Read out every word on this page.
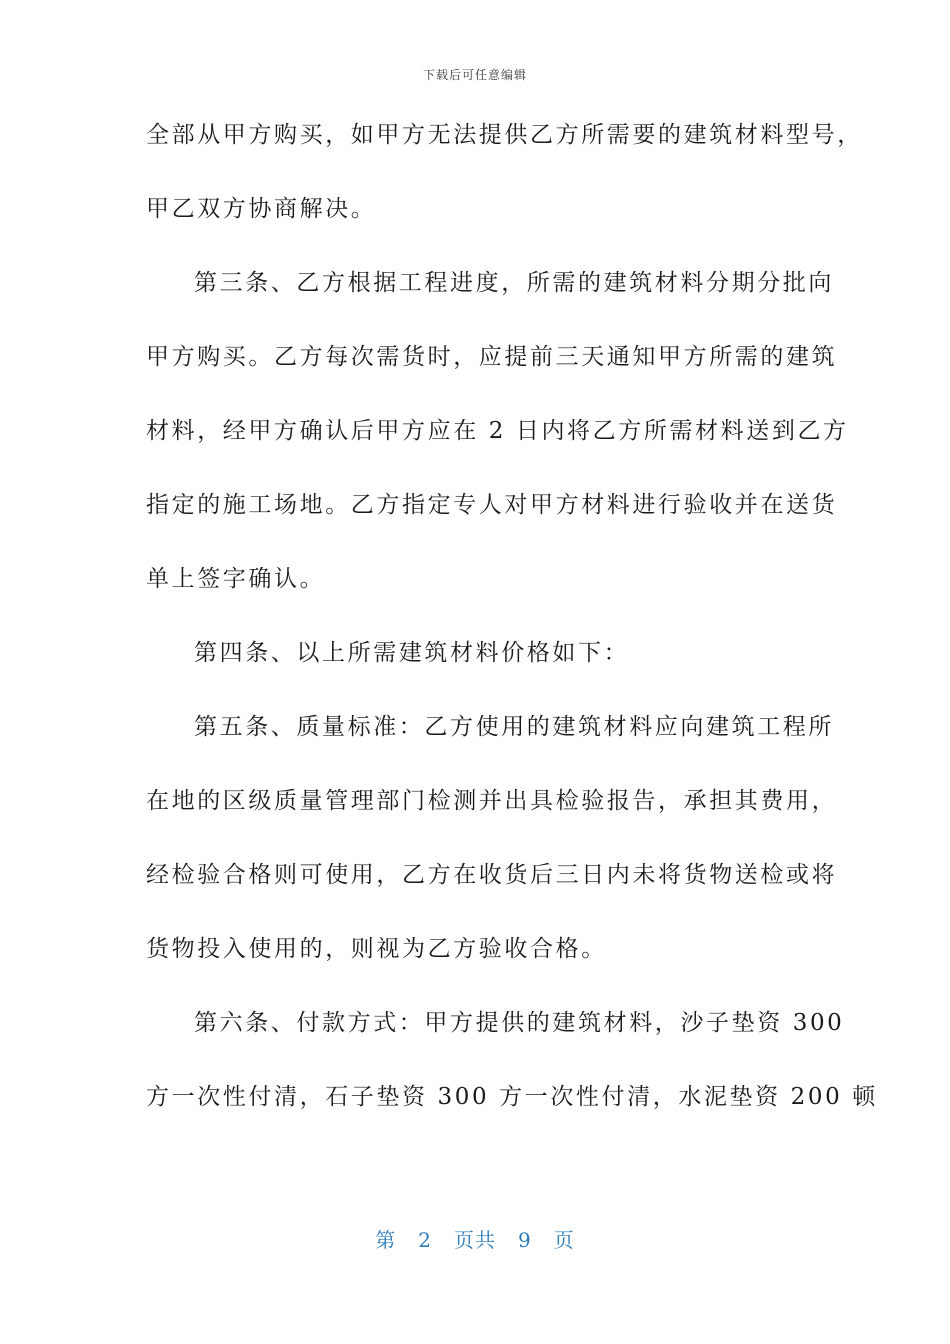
下载后可任意编辑
全部从甲方购买，如甲方无法提供乙方所需要的建筑材料型号，
甲乙双方协商解决。
第三条、乙方根据工程进度，所需的建筑材料分期分批向
甲方购买。乙方每次需货时，应提前三天通知甲方所需的建筑
材料，经甲方确认后甲方应在 2 日内将乙方所需材料送到乙方
指定的施工场地。乙方指定专人对甲方材料进行验收并在送货
单上签字确认。
第四条、以上所需建筑材料价格如下：
第五条、质量标准：乙方使用的建筑材料应向建筑工程所
在地的区级质量管理部门检测并出具检验报告，承担其费用，
经检验合格则可使用，乙方在收货后三日内未将货物送检或将
货物投入使用的，则视为乙方验收合格。
第六条、付款方式：甲方提供的建筑材料，沙子垫资 300
方一次性付清，石子垫资 300 方一次性付清，水泥垫资 200 顿
第 2 页共 9 页
